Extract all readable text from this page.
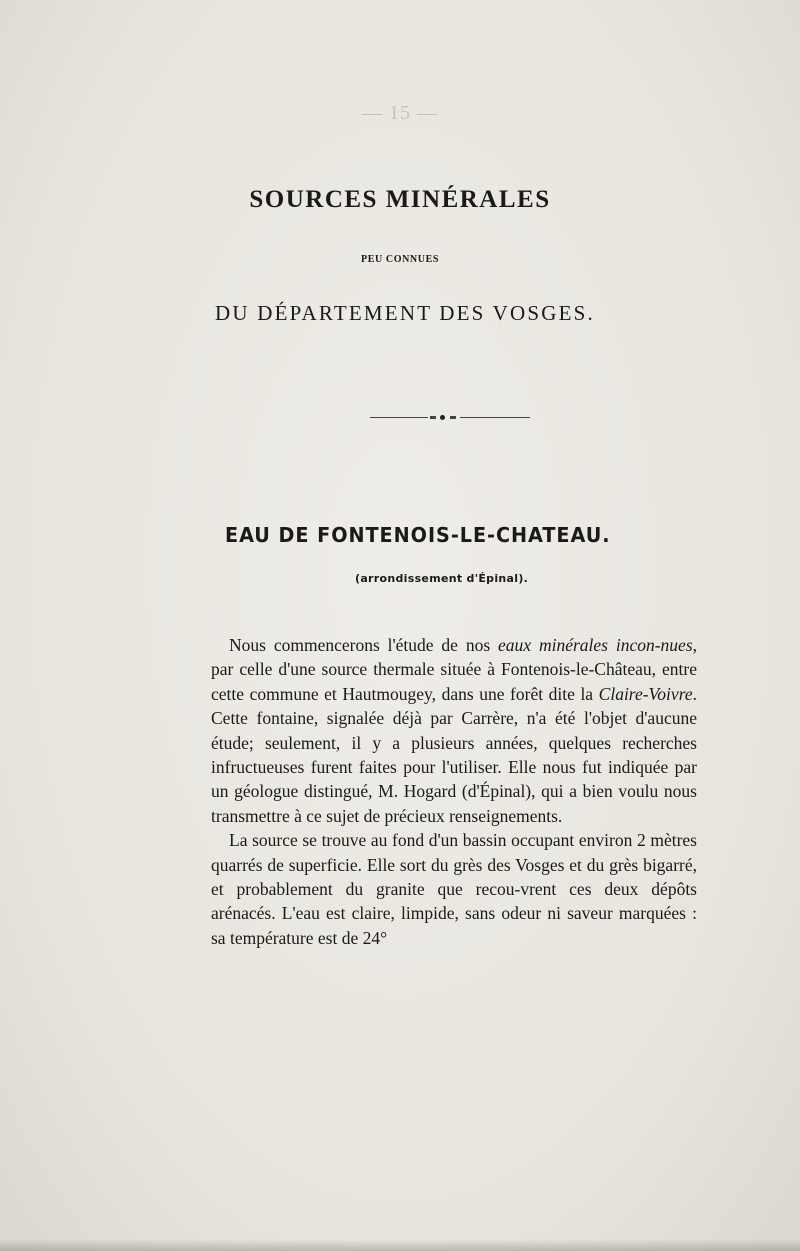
— 15 —
SOURCES MINÉRALES
PEU CONNUES
DU DÉPARTEMENT DES VOSGES.
EAU DE FONTENOIS-LE-CHATEAU.
(arrondissement d'Épinal).

Nous commencerons l'étude de nos eaux minérales incon-nues, par celle d'une source thermale située à Fontenois-le-Château, entre cette commune et Hautmougey, dans une forêt dite la Claire-Voivre. Cette fontaine, signalée déjà par Carrère, n'a été l'objet d'aucune étude; seulement, il y a plusieurs années, quelques recherches infructueuses furent faites pour l'utiliser. Elle nous fut indiquée par un géologue distingué, M. Hogard (d'Épinal), qui a bien voulu nous transmettre à ce sujet de précieux renseignements.

La source se trouve au fond d'un bassin occupant environ 2 mètres quarrés de superficie. Elle sort du grès des Vosges et du grès bigarré, et probablement du granite que recou-vrent ces deux dépôts arénacés. L'eau est claire, limpide, sans odeur ni saveur marquées : sa température est de 24°
